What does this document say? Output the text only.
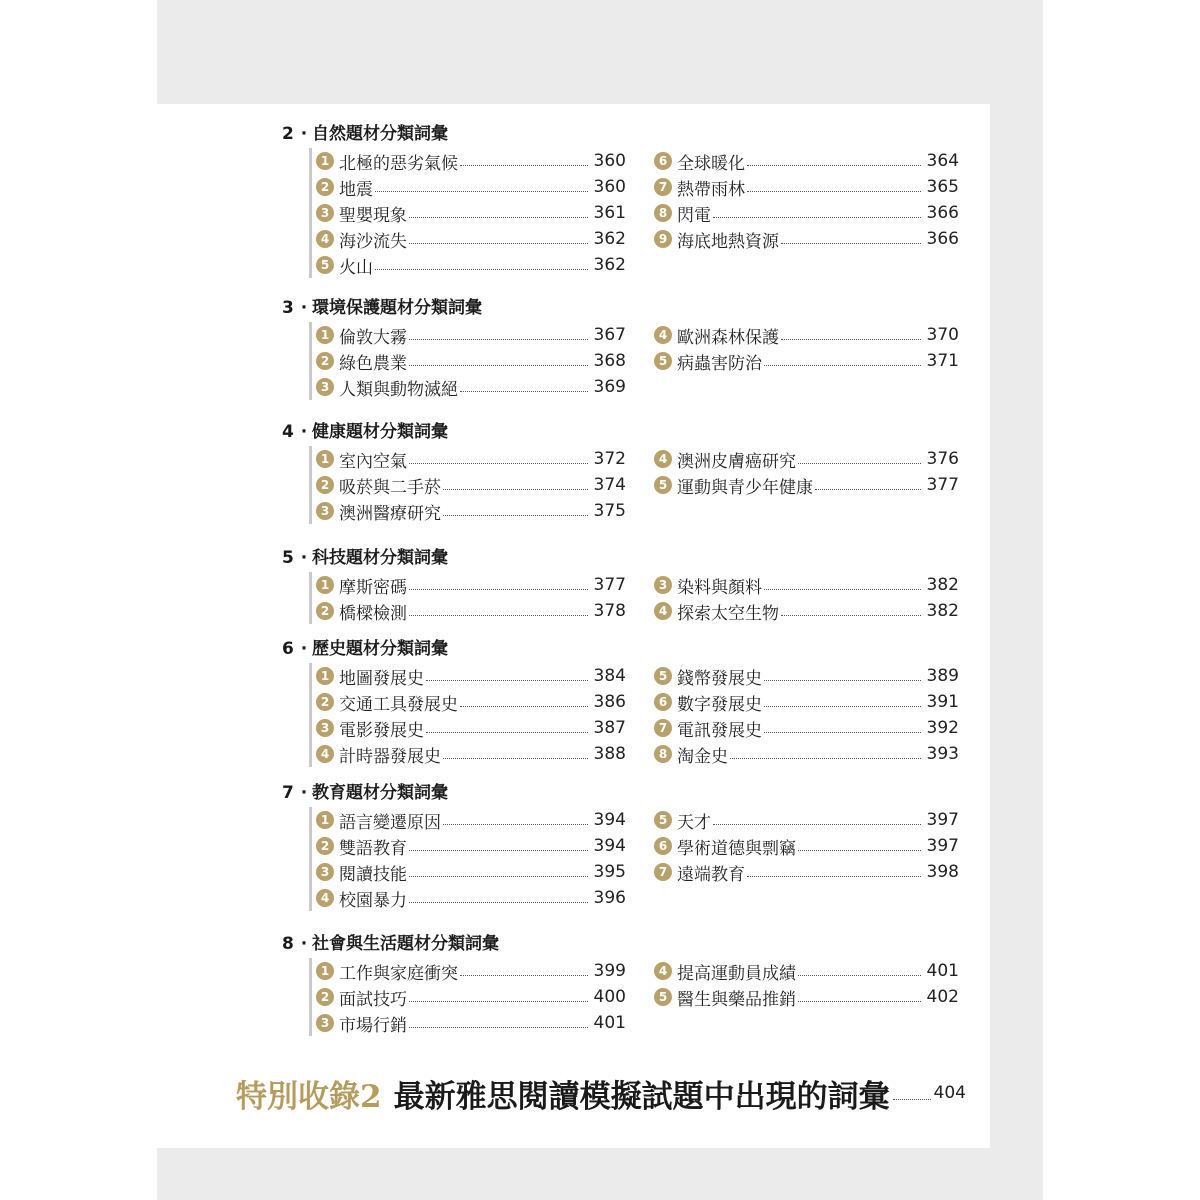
2 · 自然題材分類詞彙
1 北極的惡劣氣候	360
2 地震	360
3 聖嬰現象	361
4 海沙流失	362
5 火山	362
6 全球暖化	364
7 熱帶雨林	365
8 閃電	366
9 海底地熱資源	366
3 · 環境保護題材分類詞彙
1 倫敦大霧	367
2 綠色農業	368
3 人類與動物滅絕	369
4 歐洲森林保護	370
5 病蟲害防治	371
4 · 健康題材分類詞彙
1 室內空氣	372
2 吸菸與二手菸	374
3 澳洲醫療研究	375
4 澳洲皮膚癌研究	376
5 運動與青少年健康	377
5 · 科技題材分類詞彙
1 摩斯密碼	377
2 橋樑檢測	378
3 染料與顏料	382
4 探索太空生物	382
6 · 歷史題材分類詞彙
1 地圖發展史	384
2 交通工具發展史	386
3 電影發展史	387
4 計時器發展史	388
5 錢幣發展史	389
6 數字發展史	391
7 電訊發展史	392
8 淘金史	393
7 · 教育題材分類詞彙
1 語言變遷原因	394
2 雙語教育	394
3 閱讀技能	395
4 校園暴力	396
5 天才	397
6 學術道德與剽竊	397
7 遠端教育	398
8 · 社會與生活題材分類詞彙
1 工作與家庭衝突	399
2 面試技巧	400
3 市場行銷	401
4 提高運動員成績	401
5 醫生與藥品推銷	402
特別收錄2 最新雅思閱讀模擬試題中出現的詞彙	404
